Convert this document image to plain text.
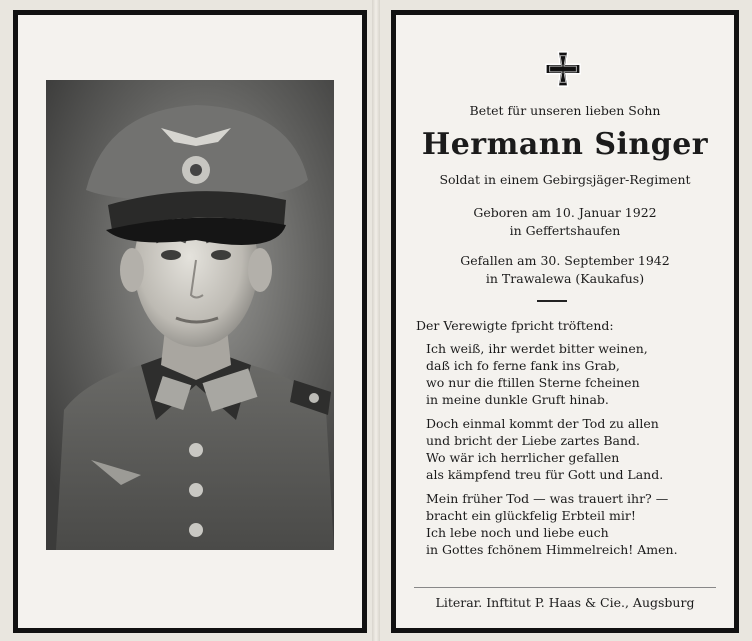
Betet für unseren lieben Sohn
Hermann Singer
Soldat in einem Gebirgsjäger-Regiment
Geboren am 10. Januar 1922
in Geffertshaufen
Gefallen am 30. September 1942
in Trawalewa (Kaukafus)
Der Verewigte fpricht tröftend:
Ich weiß, ihr werdet bitter weinen,
daß ich fo ferne fank ins Grab,
wo nur die ftillen Sterne fcheinen
in meine dunkle Gruft hinab.
Doch einmal kommt der Tod zu allen
und bricht der Liebe zartes Band.
Wo wär ich herrlicher gefallen
als kämpfend treu für Gott und Land.
Mein früher Tod — was trauert ihr? —
bracht ein glückfelig Erbteil mir!
Ich lebe noch und liebe euch
in Gottes fchönem Himmelreich! Amen.
Literar. Inftitut P. Haas & Cie., Augsburg
